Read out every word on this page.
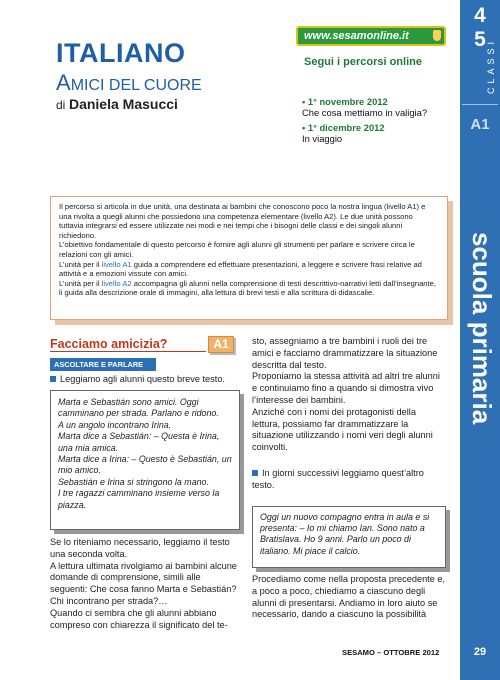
4
5 CLASSI
A1
scuola primaria
29
ITALIANO
AMICI DEL CUORE
di Daniela Masucci
www.sesamonline.it
Segui i percorsi online
• 1° novembre 2012
Che cosa mettiamo in valigia?
• 1° dicembre 2012
In viaggio

Il percorso si articola in due unità, una destinata ai bambini che conoscono poco la nostra lingua (livello A1) e una rivolta a quegli alunni che possiedono una competenza elementare (livello A2). Le due unità possono tuttavia integrarsi ed essere utilizzate nei modi e nei tempi che i bisogni delle classi e dei singoli alunni richiedono.

L’obiettivo fondamentale di questo percorso è fornire agli alunni gli strumenti per parlare e scrivere circa le relazioni con gli amici.

L’unità per il livello A1 guida a comprendere ed effettuare presentazioni, a leggere e scrivere frasi relative ad attività e a emozioni vissute con amici.

L’unità per il livello A2 accompagna gli alunni nella comprensione di testi descrittivo-narrativi letti dall’insegnante, li guida alla descrizione orale di immagini, alla lettura di brevi testi e alla scrittura di didascalie.

Facciamo amicizia?	A1
ASCOLTARE E PARLARE
Leggiamo agli alunni questo breve testo.
Marta e Sebastián sono amici. Oggi camminano per strada. Parlano e ridono.
A un angolo incontrano Irina.
Marta dice a Sebastián: – Questa è Irina, una mia amica.
Marta dice a Irina: – Questo è Sebastián, un mio amico.
Sebastián e Irina si stringono la mano.
I tre ragazzi camminano insieme verso la piazza.
Se lo riteniamo necessario, leggiamo il testo una seconda volta.
A lettura ultimata rivolgiamo ai bambini alcune domande di comprensione, simili alle seguenti: Che cosa fanno Marta e Sebastián? Chi incontrano per strada?…
Quando ci sembra che gli alunni abbiano compreso con chiarezza il significato del te-
sto, assegniamo a tre bambini i ruoli dei tre amici e facciamo drammatizzare la situazione descritta dal testo.
Proponiamo la stessa attività ad altri tre alunni e continuiamo fino a quando si dimostra vivo l’interesse dei bambini.
Anziché con i nomi dei protagonisti della lettura, possiamo far drammatizzare la situazione utilizzando i nomi veri degli alunni coinvolti.
In giorni successivi leggiamo quest’altro testo.
Oggi un nuovo compagno entra in aula e si presenta: – Io mi chiamo Ian. Sono nato a Bratislava. Ho 9 anni. Parlo un poco di italiano. Mi piace il calcio.
Procediamo come nella proposta precedente e, a poco a poco, chiediamo a ciascuno degli alunni di presentarsi. Andiamo in loro aiuto se necessario, dando a ciascuno la possibilità
SESAMO – OTTOBRE 2012
